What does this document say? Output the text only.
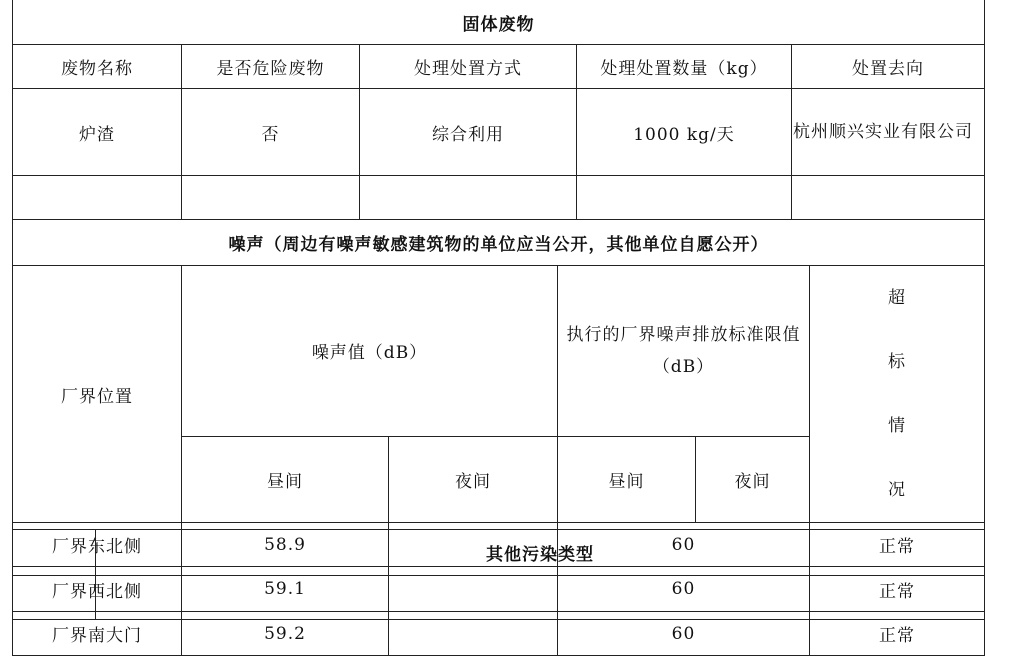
固体废物				
废物名称	是否危险废物	处理处置方式	处理处置数量（kg）	处置去向
炉渣	否	综合利用	1000 kg/天	杭州顺兴实业有限公司

噪声（周边有噪声敏感建筑物的单位应当公开，其他单位自愿公开）					
厂界位置	噪声值（dB）		执行的厂界噪声排放标准限值（dB）		超标情况
	昼间	夜间	昼间	夜间	
厂界东北侧	58.9		60		正常
厂界西北侧	59.1		60		正常
厂界南大门	59.2		60		正常
	其他污染类型
